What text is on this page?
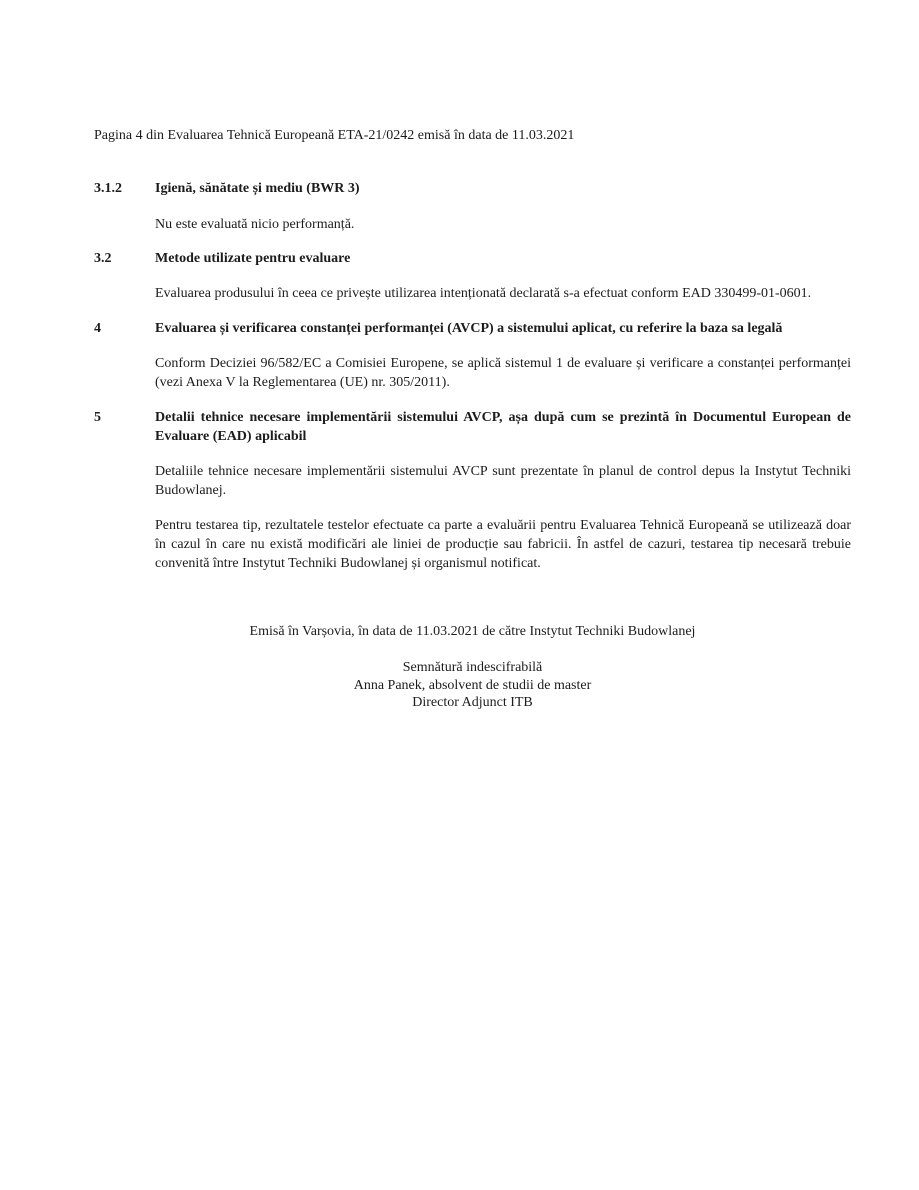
Pagina 4 din Evaluarea Tehnică Europeană ETA-21/0242 emisă în data de 11.03.2021

3.1.2	Igienă, sănătate și mediu (BWR 3)

Nu este evaluată nicio performanță.

3.2	Metode utilizate pentru evaluare

Evaluarea produsului în ceea ce privește utilizarea intenționată declarată s-a efectuat conform EAD 330499-01-0601.

4	Evaluarea și verificarea constanței performanței (AVCP) a sistemului aplicat, cu referire la baza sa legală

Conform Deciziei 96/582/EC a Comisiei Europene, se aplică sistemul 1 de evaluare și verificare a constanței performanței (vezi Anexa V la Reglementarea (UE) nr. 305/2011).

5	Detalii tehnice necesare implementării sistemului AVCP, așa după cum se prezintă în Documentul European de Evaluare (EAD) aplicabil

Detaliile tehnice necesare implementării sistemului AVCP sunt prezentate în planul de control depus la Instytut Techniki Budowlanej.

Pentru testarea tip, rezultatele testelor efectuate ca parte a evaluării pentru Evaluarea Tehnică Europeană se utilizează doar în cazul în care nu există modificări ale liniei de producție sau fabricii. În astfel de cazuri, testarea tip necesară trebuie convenită între Instytut Techniki Budowlanej și organismul notificat.

Emisă în Varșovia, în data de 11.03.2021 de către Instytut Techniki Budowlanej

Semnătură indescifrabilă

Anna Panek, absolvent de studii de master

Director Adjunct ITB
